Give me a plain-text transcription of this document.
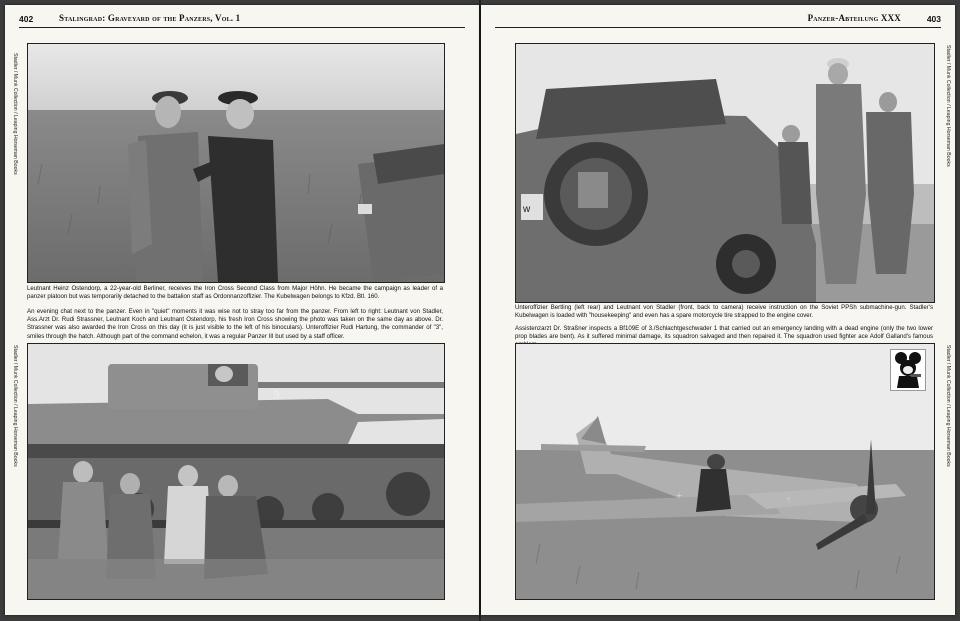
402	Stalingrad: Graveyard of the Panzers, Vol. 1
Stadler / Munk Collection / Leaping Horseman Books
Stadler / Munk Collection / Leaping Horseman Books
Leutnant Heinz Ostendorp, a 22-year-old Berliner, receives the Iron Cross Second Class from Major Höhn. He became the campaign as leader of a panzer platoon but was temporarily detached to the battalion staff as Ordonnanzoffizier. The Kubelwagen belongs to Kfzd. Btl. 160.
An evening chat next to the panzer. Even in "quiet" moments it was wise not to stray too far from the panzer. From left to right: Leutnant von Stadler, Ass.Arzt Dr. Rudi Strassner, Leutnant Koch and Leutnant Ostendorp, his fresh Iron Cross showing the photo was taken on the same day as above. Dr. Strassner was also awarded the Iron Cross on this day (it is just visible to the left of his binoculars). Unteroffizier Rudi Hartung, the commander of "3", smiles through the hatch. Although part of the command echelon, it was a regular Panzer III but used by a staff officer.
3
Panzer-Abteilung XXX	403
Stadler / Munk Collection / Leaping Horseman Books
Stadler / Munk Collection / Leaping Horseman Books
w
Unteroffizier Bertling (left rear) and Leutnant von Stadler (front, back to camera) receive instruction on the Soviet PPSh submachine-gun. Stadler's Kubelwagen is loaded with "housekeeping" and even has a spare motorcycle tire strapped to the engine cover.
Assistenzarzt Dr. Straßner inspects a Bf109E of 3./Schlachtgeschwader 1 that carried out an emergency landing with a dead engine (only the two lower prop blades are bent). As it suffered minimal damage, its squadron salvaged and then repaired it. The squadron used fighter ace Adolf Galland's famous
+	+
